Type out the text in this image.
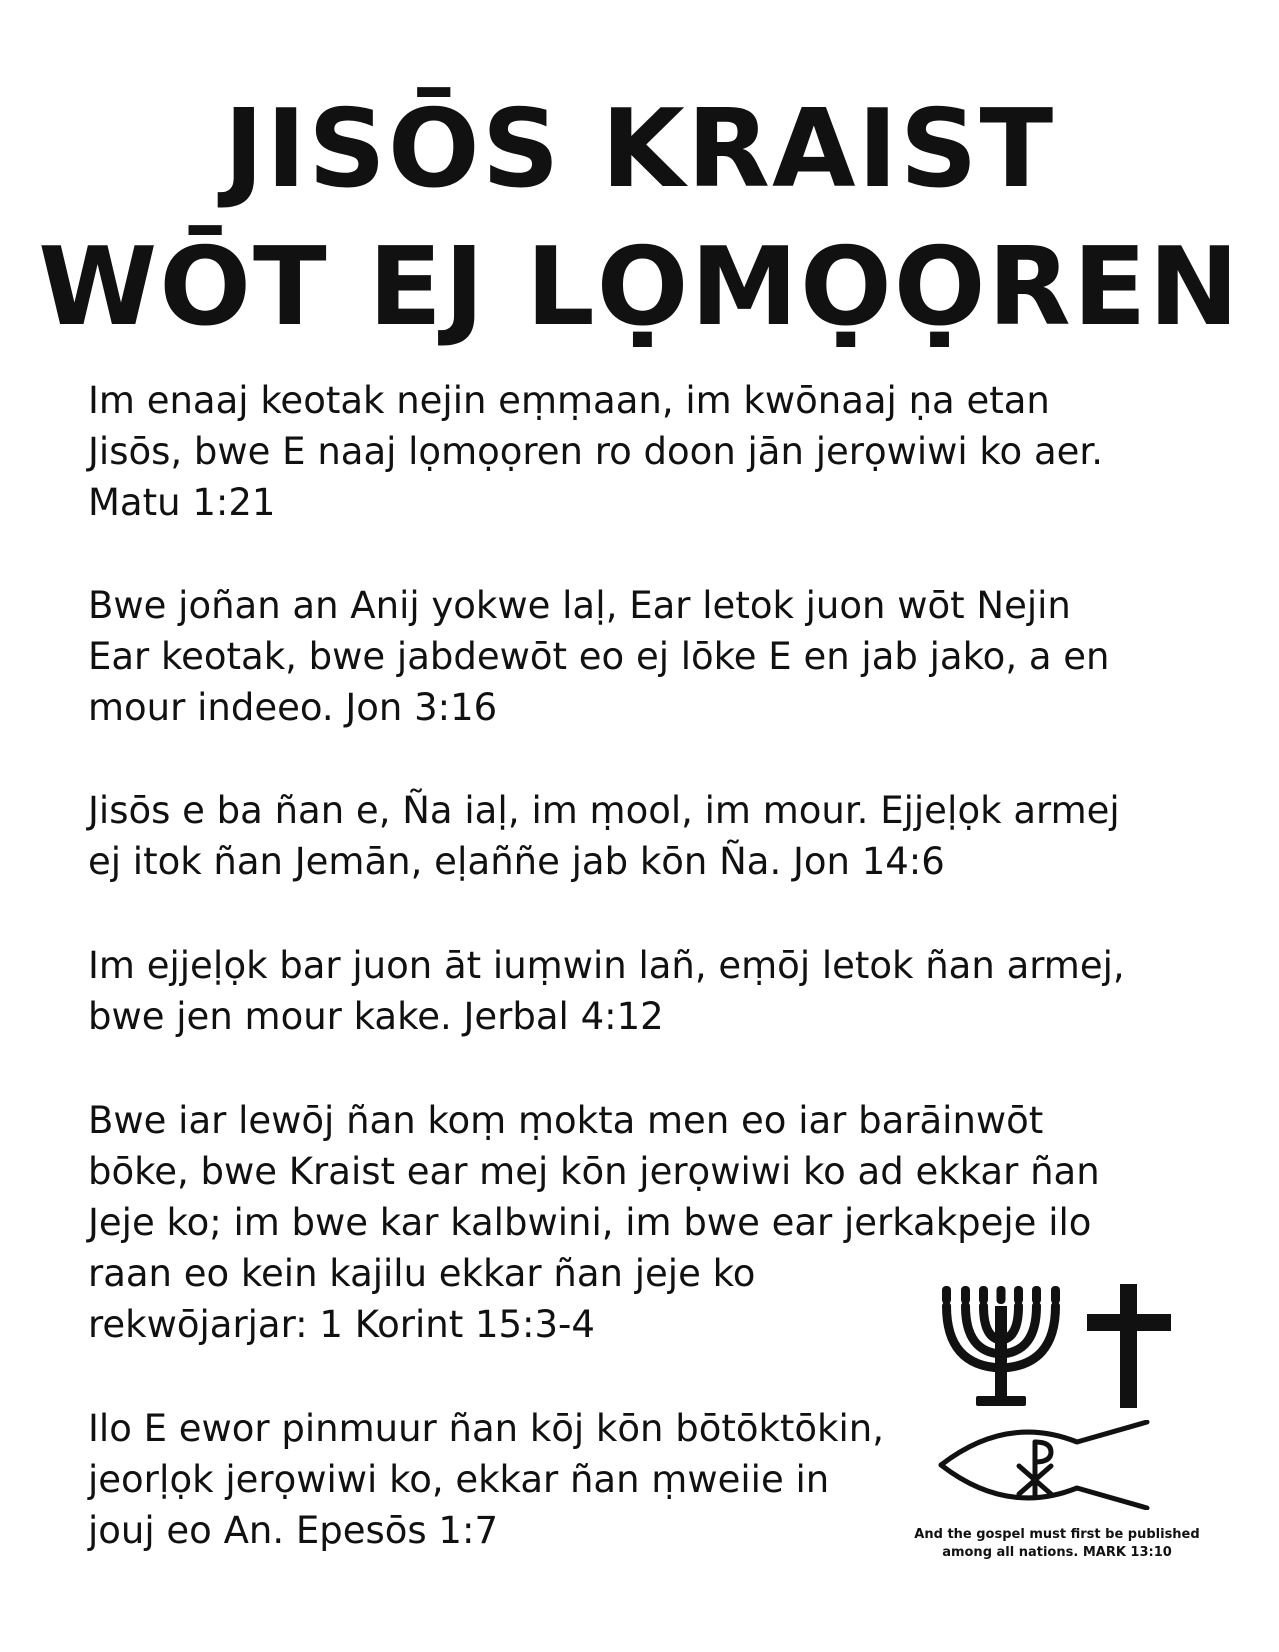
JISŌS KRAIST
WŌT EJ LỌMỌỌREN

Im enaaj keotak nejin eṃṃaan, im kwōnaaj ṇa etan
Jisōs, bwe E naaj lọmọọren ro doon jān jerọwiwi ko aer.
Matu 1:21

Bwe joñan an Anij yokwe laḷ, Ear letok juon wōt Nejin
Ear keotak, bwe jabdewōt eo ej lōke E en jab jako, a en
mour indeeo. Jon 3:16

Jisōs e ba ñan e, Ña iaḷ, im ṃool, im mour. Ejjeḷọk armej
ej itok ñan Jemān, eḷaññe jab kōn Ña. Jon 14:6

Im ejjeḷọk bar juon āt iuṃwin lañ, eṃōj letok ñan armej,
bwe jen mour kake. Jerbal 4:12

Bwe iar lewōj ñan koṃ ṃokta men eo iar barāinwōt
bōke, bwe Kraist ear mej kōn jerọwiwi ko ad ekkar ñan
Jeje ko; im bwe kar kalbwini, im bwe ear jerkakpeje ilo
raan eo kein kajilu ekkar ñan jeje ko
rekwōjarjar: 1 Korint 15:3-4

Ilo E ewor pinmuur ñan kōj kōn bōtōktōkin,
jeorḷọk jerọwiwi ko, ekkar ñan ṃweiie in
jouj eo An. Epesōs 1:7	And the gospel must first be published
among all nations. MARK 13:10
